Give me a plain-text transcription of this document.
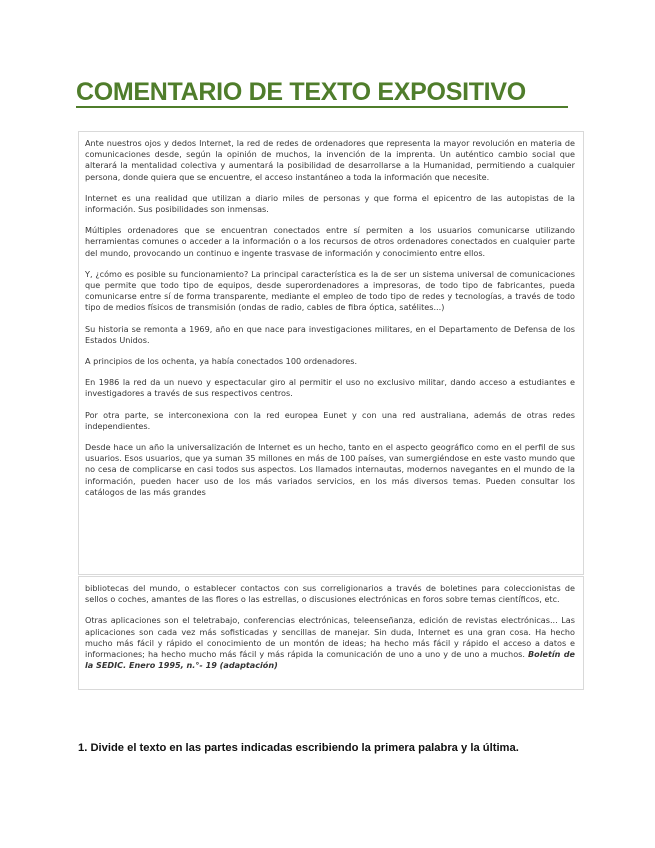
COMENTARIO DE TEXTO EXPOSITIVO

Ante nuestros ojos y dedos Internet, la red de redes de ordenadores que representa la mayor revolución en materia de comunicaciones desde, según la opinión de muchos, la invención de la imprenta. Un auténtico cambio social que alterará la mentalidad colectiva y aumentará la posibilidad de desarrollarse a la Humanidad, permitiendo a cualquier persona, donde quiera que se encuentre, el acceso instantáneo a toda la información que necesite.

Internet es una realidad que utilizan a diario miles de personas y que forma el epicentro de las autopistas de la información. Sus posibilidades son inmensas.

Múltiples ordenadores que se encuentran conectados entre sí permiten a los usuarios comunicarse utilizando herramientas comunes o acceder a la información o a los recursos de otros ordenadores conectados en cualquier parte del mundo, provocando un continuo e ingente trasvase de información y conocimiento entre ellos.

Y, ¿cómo es posible su funcionamiento? La principal característica es la de ser un sistema universal de comunicaciones que permite que todo tipo de equipos, desde superordenadores a impresoras, de todo tipo de fabricantes, pueda comunicarse entre sí de forma transparente, mediante el empleo de todo tipo de redes y tecnologías, a través de todo tipo de medios físicos de transmisión (ondas de radio, cables de fibra óptica, satélites...)

Su historia se remonta a 1969, año en que nace para investigaciones militares, en el Departamento de Defensa de los Estados Unidos.

A principios de los ochenta, ya había conectados 100 ordenadores.

En 1986 la red da un nuevo y espectacular giro al permitir el uso no exclusivo militar, dando acceso a estudiantes e investigadores a través de sus respectivos centros.

Por otra parte, se interconexiona con la red europea Eunet y con una red australiana, además de otras redes independientes.

Desde hace un año la universalización de Internet es un hecho, tanto en el aspecto geográfico como en el perfil de sus usuarios. Esos usuarios, que ya suman 35 millones en más de 100 países, van sumergiéndose en este vasto mundo que no cesa de complicarse en casi todos sus aspectos. Los llamados internautas, modernos navegantes en el mundo de la información, pueden hacer uso de los más variados servicios, en los más diversos temas. Pueden consultar los catálogos de las más grandes

bibliotecas del mundo, o establecer contactos con sus correligionarios a través de boletines para coleccionistas de sellos o coches, amantes de las flores o las estrellas, o discusiones electrónicas en foros sobre temas científicos, etc.

Otras aplicaciones son el teletrabajo, conferencias electrónicas, teleenseñanza, edición de revistas electrónicas... Las aplicaciones son cada vez más sofisticadas y sencillas de manejar. Sin duda, Internet es una gran cosa. Ha hecho mucho más fácil y rápido el conocimiento de un montón de ideas; ha hecho más fácil y rápido el acceso a datos e informaciones; ha hecho mucho más fácil y más rápida la comunicación de uno a uno y de uno a muchos. Boletín de la SEDIC. Enero 1995, n.°- 19 (adaptación)

1. Divide el texto en las partes indicadas escribiendo la primera palabra y la última.
